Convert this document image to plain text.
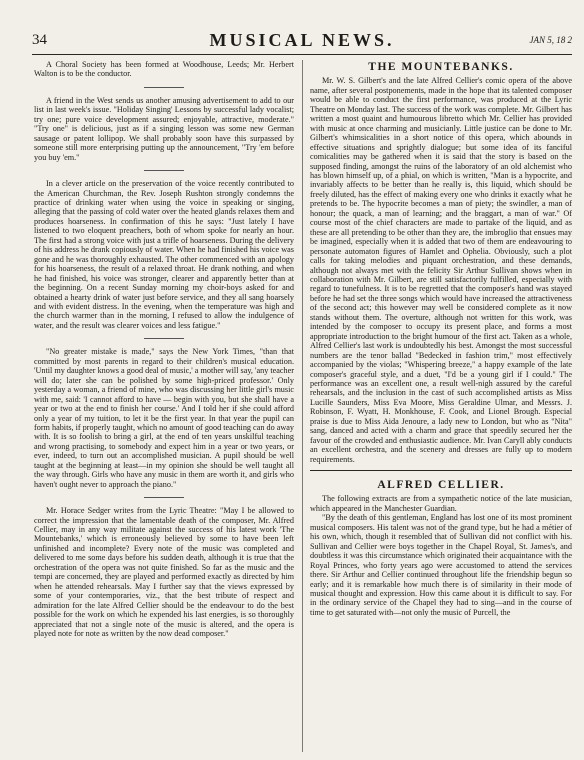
34	MUSICAL NEWS.	JAN 5, 18 2

A Choral Society has been formed at Woodhouse, Leeds; Mr. Herbert Walton is to be the conductor.

A friend in the West sends us another amusing advertisement to add to our list in last week's issue. "Holiday Singing' Lessons by successful lady vocalist; try one; pure voice development assured; enjoyable, attractive, moderate." "Try one" is delicious, just as if a singing lesson was some new German sausage or patent lollipop. We shall probably soon have this surpassed by someone still more enterprising putting up the announcement, "Try 'em before you buy 'em."

In a clever article on the preservation of the voice recently contributed to the American Churchman, the Rev. Joseph Rushton strongly condemns the practice of drinking water when using the voice in speaking or singing, alleging that the passing of cold water over the heated glands relaxes them and produces hoarseness. In confirmation of this he says: "Just lately I have listened to two eloquent preachers, both of whom spoke for nearly an hour. The first had a strong voice with just a trifle of hoarseness. During the delivery of his address he drank copiously of water. When he had finished his voice was gone and he was thoroughly exhausted. The other commenced with an apology for his hoarseness, the result of a relaxed throat. He drank nothing, and when he had finished, his voice was stronger, clearer and apparently better than at the beginning. On a recent Sunday morning my choir-boys asked for and obtained a hearty drink of water just before service, and they all sang hoarsely and with evident distress. In the evening, when the temperature was high and the church warmer than in the morning, I refused to allow the indulgence of water, and the result was clearer voices and less fatigue."

"No greater mistake is made," says the New York Times, "than that committed by most parents in regard to their children's musical education. 'Until my daughter knows a good deal of music,' a mother will say, 'any teacher will do; later she can be polished by some high-priced professor.' Only yesterday a woman, a friend of mine, who was discussing her little girl's music with me, said: 'I cannot afford to have — begin with you, but she shall have a year or two at the end to finish her course.' And I told her if she could afford only a year of my tuition, to let it be the first year. In that year the pupil can form habits, if properly taught, which no amount of good teaching can do away with. It is so foolish to bring a girl, at the end of ten years unskilful teaching and wrong practising, to somebody and expect him in a year or two years, or ever, indeed, to turn out an accomplished musician. A pupil should be well taught at the beginning at least—in my opinion she should be well taught all the way through. Girls who have any music in them are worth it, and girls who haven't ought never to approach the piano."

Mr. Horace Sedger writes from the Lyric Theatre: "May I be allowed to correct the impression that the lamentable death of the composer, Mr. Alfred Cellier, may in any way militate against the success of his latest work 'The Mountebanks,' which is erroneously believed by some to have been left unfinished and incomplete? Every note of the music was completed and delivered to me some days before his sudden death, although it is true that the orchestration of the opera was not quite finished. So far as the music and the tempi are concerned, they are played and performed exactly as directed by him when he attended rehearsals. May I further say that the views expressed by some of your contemporaries, viz., that the best tribute of respect and admiration for the late Alfred Cellier should be the endeavour to do the best possible for the work on which he expended his last energies, is so thoroughly appreciated that not a single note of the music is altered, and the opera is played note for note as written by the now dead composer."

THE MOUNTEBANKS.

Mr. W. S. Gilbert's and the late Alfred Cellier's comic opera of the above name, after several postponements, made in the hope that its talented composer would be able to conduct the first performance, was produced at the Lyric Theatre on Monday last. The success of the work was complete. Mr. Gilbert has written a most quaint and humourous libretto which Mr. Cellier has provided with music at once charming and musicianly. Little justice can be done to Mr. Gilbert's whimsicalities in a short notice of this opera, which abounds in effective situations and sprightly dialogue; but some idea of its fanciful comicalities may be gathered when it is said that the story is based on the supposed finding, amongst the ruins of the laboratory of an old alchemist who has blown himself up, of a phial, on which is written, "Man is a hypocrite, and invariably affects to be better than he really is, this liquid, which should be freely diluted, has the effect of making every one who drinks it exactly what he pretends to be. The hypocrite becomes a man of piety; the swindler, a man of honour; the quack, a man of learning; and the braggart, a man of war." Of course most of the chief characters are made to partake of the liquid, and as these are all pretending to be other than they are, the imbroglio that ensues may be imagined, especially when it is added that two of them are endeavouring to personate automaton figures of Hamlet and Ophelia. Obviously, such a plot calls for taking melodies and piquant orchestration, and these demands, although not always met with the felicity Sir Arthur Sullivan shows when in collaboration with Mr. Gilbert, are still satisfactorily fulfilled, especially with regard to tunefulness. It is to be regretted that the composer's hand was stayed before he had set the three songs which would have increased the attractiveness of the second act; this however may well be considered complete as it now stands without them. The overture, although not written for this work, was intended by the composer to occupy its present place, and forms a most appropriate introduction to the bright humour of the first act. Taken as a whole, Alfred Cellier's last work is undoubtedly his best. Amongst the most successful numbers are the tenor ballad "Bedecked in fashion trim," most effectively accompanied by the violas; "Whispering breeze," a happy example of the late composer's graceful style, and a duet, "I'd be a young girl if I could." The performance was an excellent one, a result well-nigh assured by the careful rehearsals, and the inclusion in the cast of such accomplished artists as Miss Lucille Saunders, Miss Eva Moore, Miss Geraldine Ulmar, and Messrs. J. Robinson, F. Wyatt, H. Monkhouse, F. Cook, and Lionel Brough. Especial praise is due to Miss Aida Jenoure, a lady new to London, but who as "Nita" sang, danced and acted with a charm and grace that speedily secured her the favour of the crowded and enthusiastic audience. Mr. Ivan Caryll ably conducts an excellent orchestra, and the scenery and dresses are fully up to modern requirements.

ALFRED CELLIER.

The following extracts are from a sympathetic notice of the late musician, which appeared in the Manchester Guardian.

"By the death of this gentleman, England has lost one of its most prominent musical composers. His talent was not of the grand type, but he had a métier of his own, which, though it resembled that of Sullivan did not conflict with his. Sullivan and Cellier were boys together in the Chapel Royal, St. James's, and doubtless it was this circumstance which originated their acquaintance with the Royal Princes, who forty years ago were accustomed to attend the services there. Sir Arthur and Cellier continued throughout life the friendship begun so early; and it is remarkable how much there is of similarity in their mode of musical thought and expression. How this came about it is difficult to say. For in the ordinary service of the Chapel they had to sing—and in the course of time to get saturated with—not only the music of Purcell, the
